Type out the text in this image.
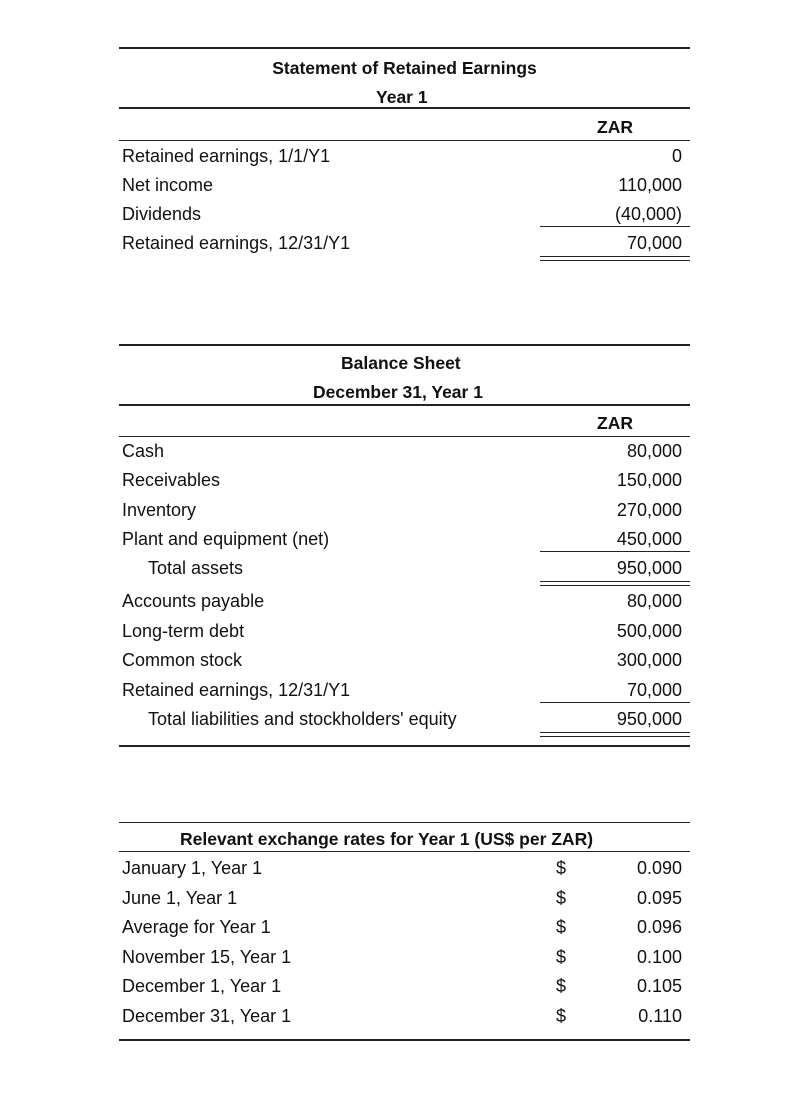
Statement of Retained Earnings
Year 1
ZAR
Retained earnings, 1/1/Y1	0
Net income	110,000
Dividends	(40,000)
Retained earnings, 12/31/Y1	70,000
Balance Sheet
December 31, Year 1
ZAR
Cash	80,000
Receivables	150,000
Inventory	270,000
Plant and equipment (net)	450,000
Total assets	950,000
Accounts payable	80,000
Long-term debt	500,000
Common stock	300,000
Retained earnings, 12/31/Y1	70,000
Total liabilities and stockholders' equity	950,000
Relevant exchange rates for Year 1 (US$ per ZAR)
January 1, Year 1	$	0.090
June 1, Year 1	$	0.095
Average for Year 1	$	0.096
November 15, Year 1	$	0.100
December 1, Year 1	$	0.105
December 31, Year 1	$	0.110
